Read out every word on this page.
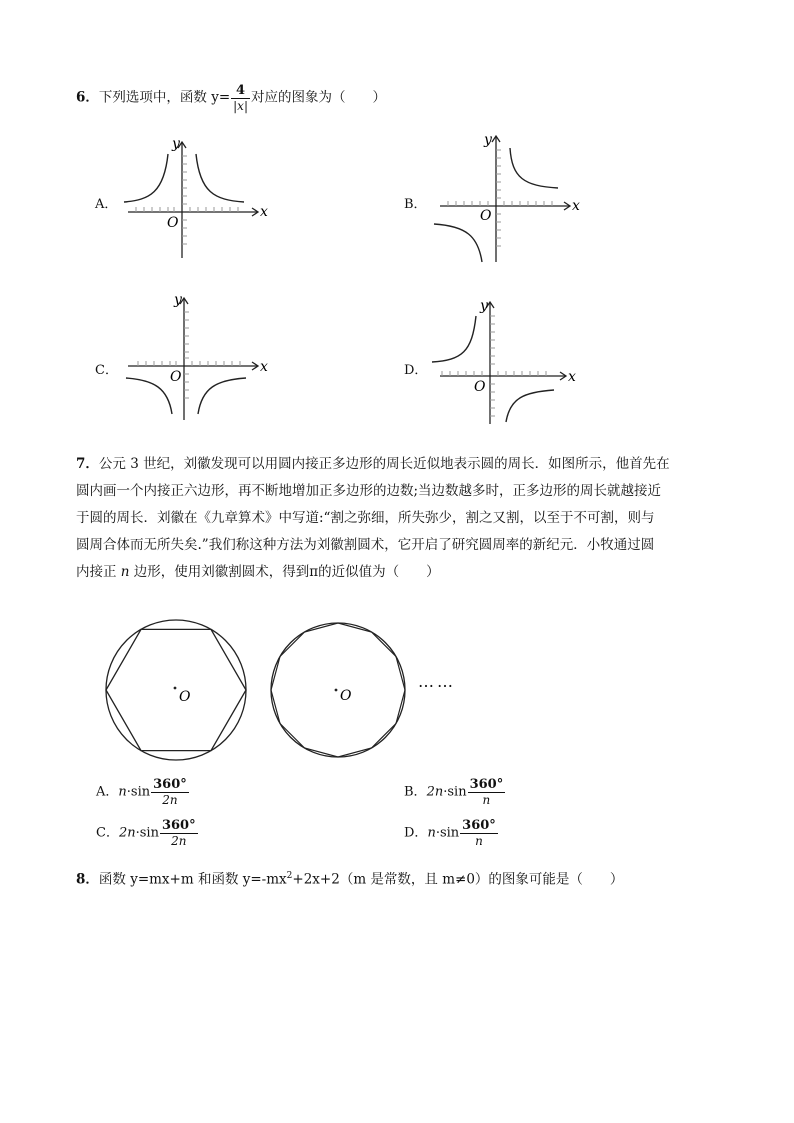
6．下列选项中，函数 $y= \frac{4}{|x|}$ 对应的图象为（　　）
A．	x
y
O
B．	x
y
O
C．	x
y
O	D．	x
y
O
7．公元 3 世纪，刘徽发现可以用圆内接正多边形的周长近似地表示圆的周长．如图所示，他首先在
圆内画一个内接正六边形，再不断地增加正多边形的边数;当边数越多时，正多边形的周长就越接近
于圆的周长．刘徽在《九章算术》中写道:“割之弥细，所失弥少，割之又割，以至于不可割，则与
圆周合体而无所失矣.”我们称这种方法为刘徽割圆术，它开启了研究圆周率的新纪元．小牧通过圆
内接正 n 边形，使用刘徽割圆术，得到π的近似值为（　　）
O	O
……
A．$n\cdot\sin \frac{360^\circ}{2n}$	B．$2n\cdot\sin \frac{360^\circ}{n}$
C．$2n\cdot\sin \frac{360^\circ}{2n}$	D．$n\cdot\sin \frac{360^\circ}{n}$
8．函数 y=mx+m 和函数 $y=-mx^2+2x+2(m$ 是常数，且 m≠0）的图象可能是（　　）
